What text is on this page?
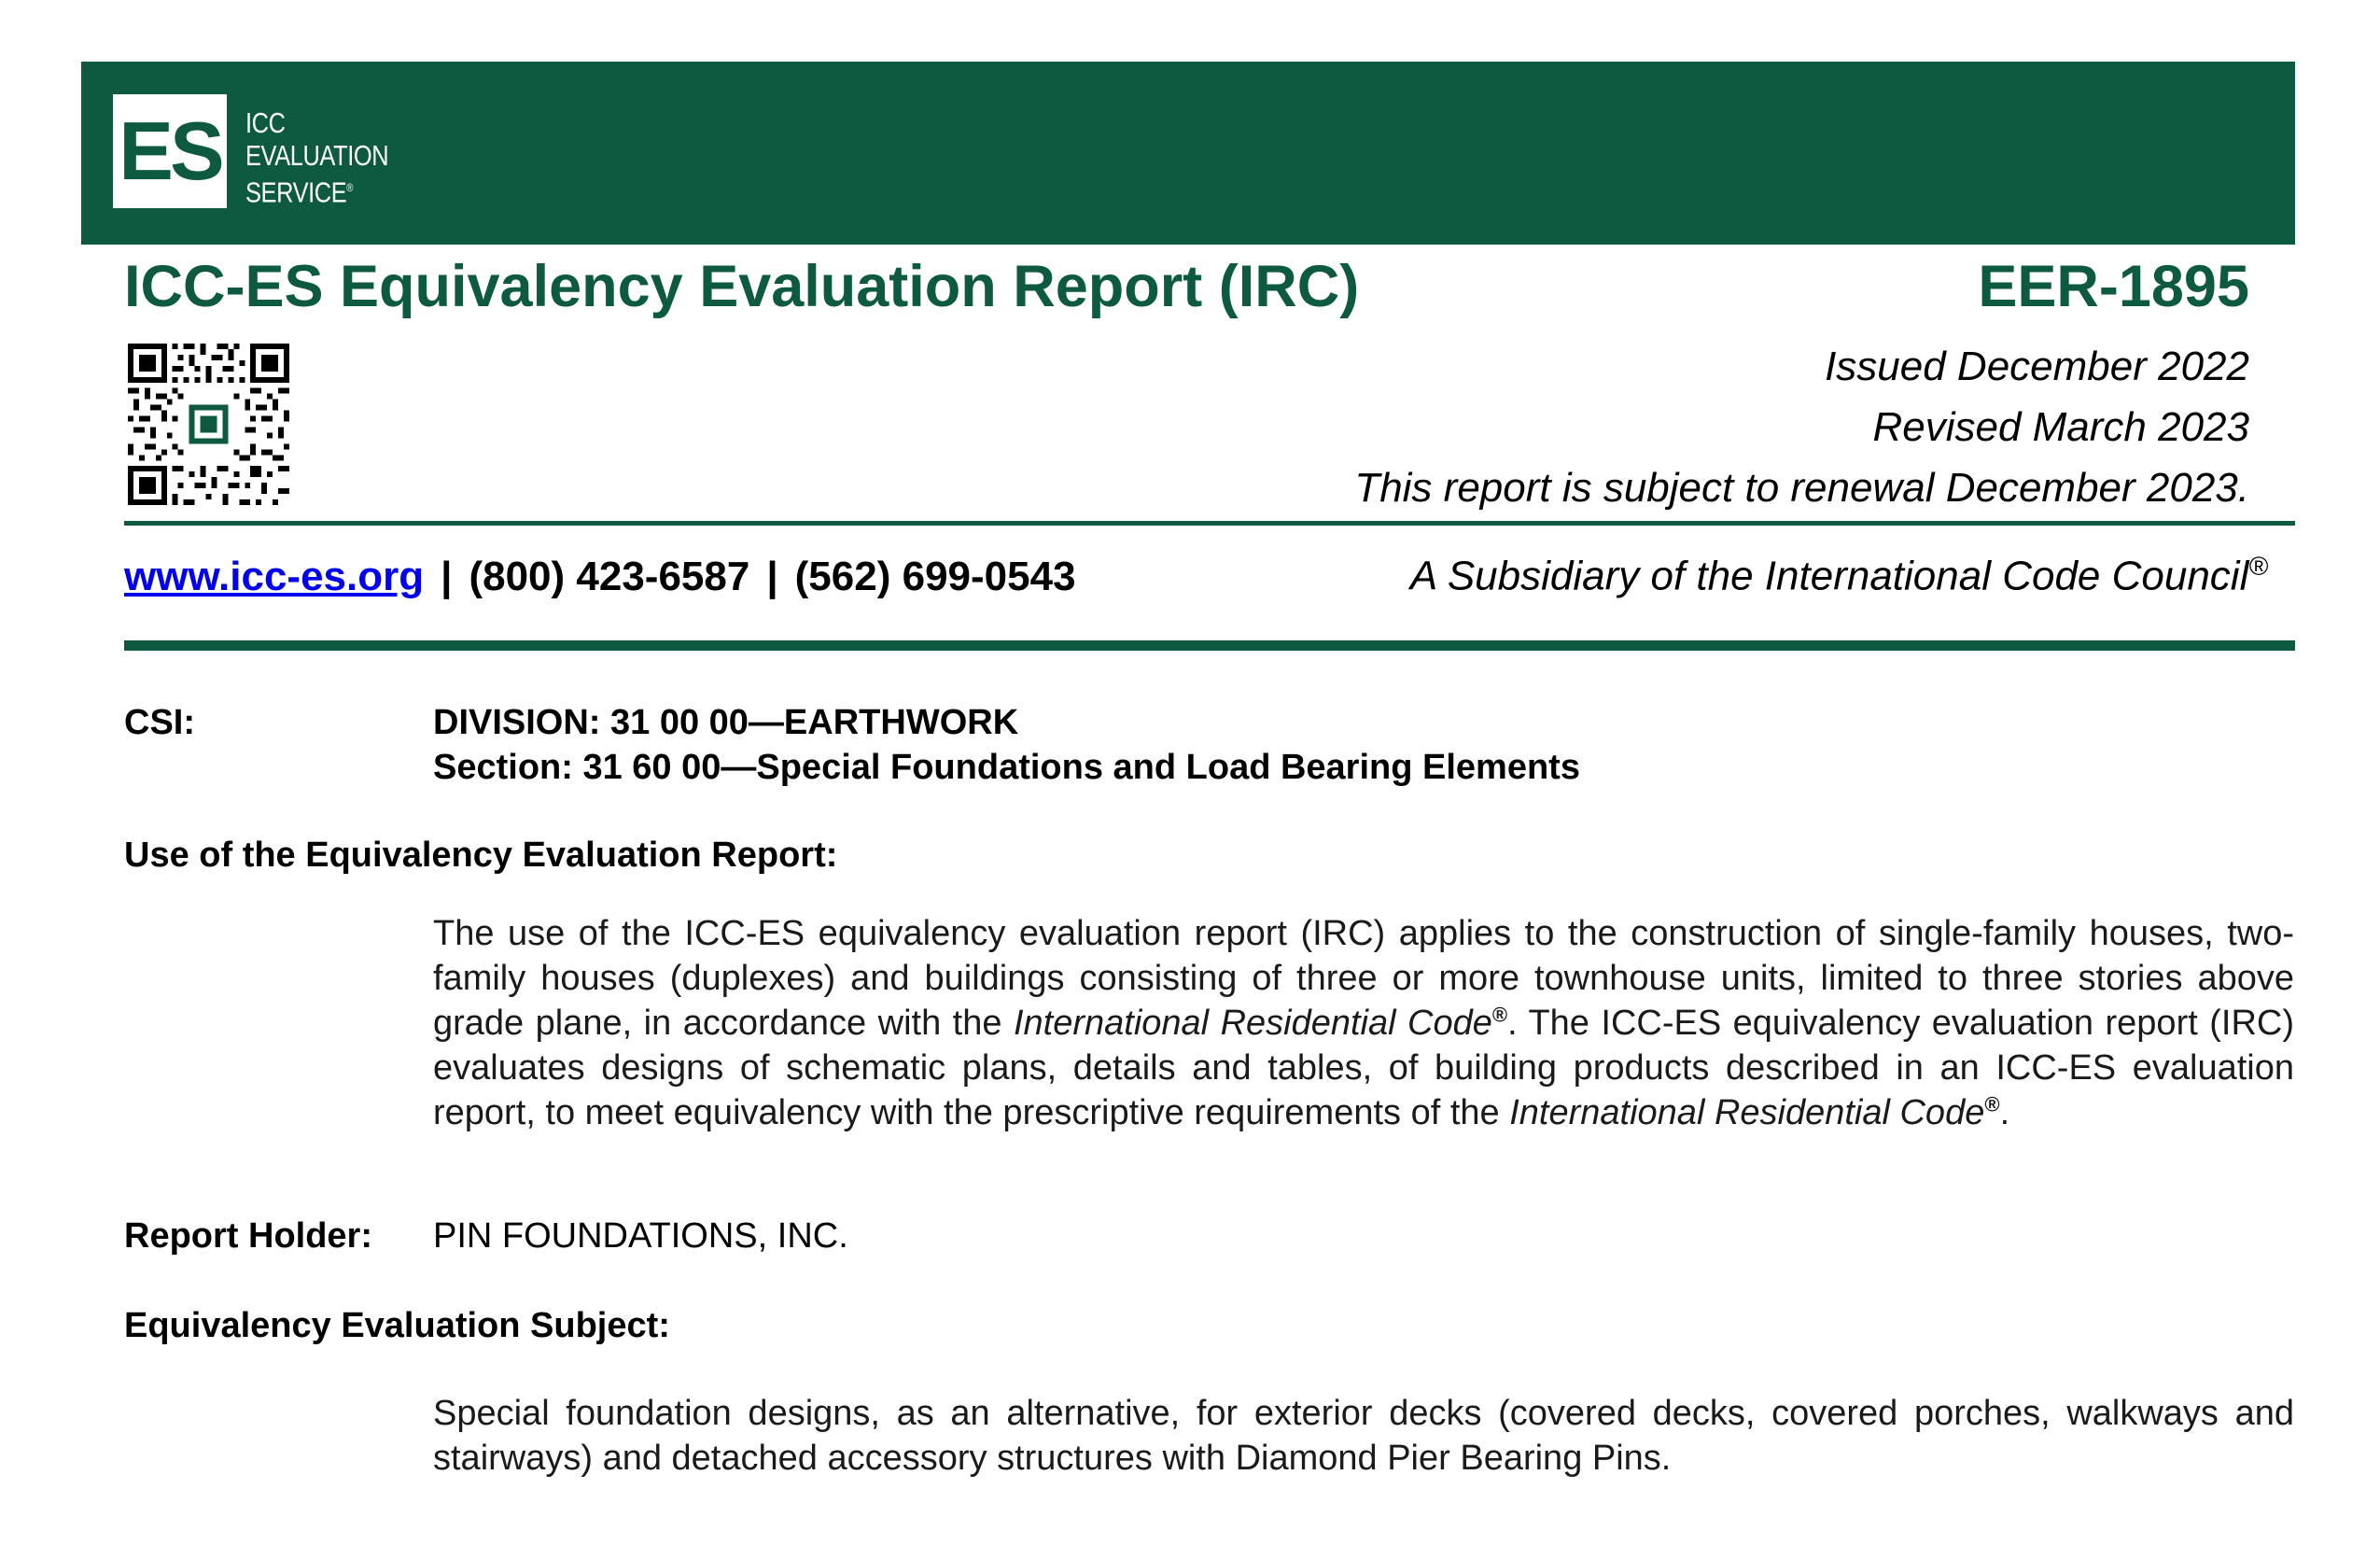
ES ICC
EVALUATION
SERVICE®
ICC-ES Equivalency Evaluation Report (IRC)	EER-1895
Issued December 2022
Revised March 2023
This report is subject to renewal December 2023.
www.icc-es.org | (800) 423-6587 | (562) 699-0543	A Subsidiary of the International Code Council®
CSI:	DIVISION: 31 00 00—EARTHWORK
Section: 31 60 00—Special Foundations and Load Bearing Elements
Use of the Equivalency Evaluation Report:
The use of the ICC-ES equivalency evaluation report (IRC) applies to the construction of single-family houses, two-family houses (duplexes) and buildings consisting of three or more townhouse units, limited to three stories above grade plane, in accordance with the International Residential Code®. The ICC-ES equivalency evaluation report (IRC) evaluates designs of schematic plans, details and tables, of building products described in an ICC-ES evaluation report, to meet equivalency with the prescriptive requirements of the International Residential Code®.
Report Holder: PIN FOUNDATIONS, INC.
Equivalency Evaluation Subject:
Special foundation designs, as an alternative, for exterior decks (covered decks, covered porches, walkways and stairways) and detached accessory structures with Diamond Pier Bearing Pins.
